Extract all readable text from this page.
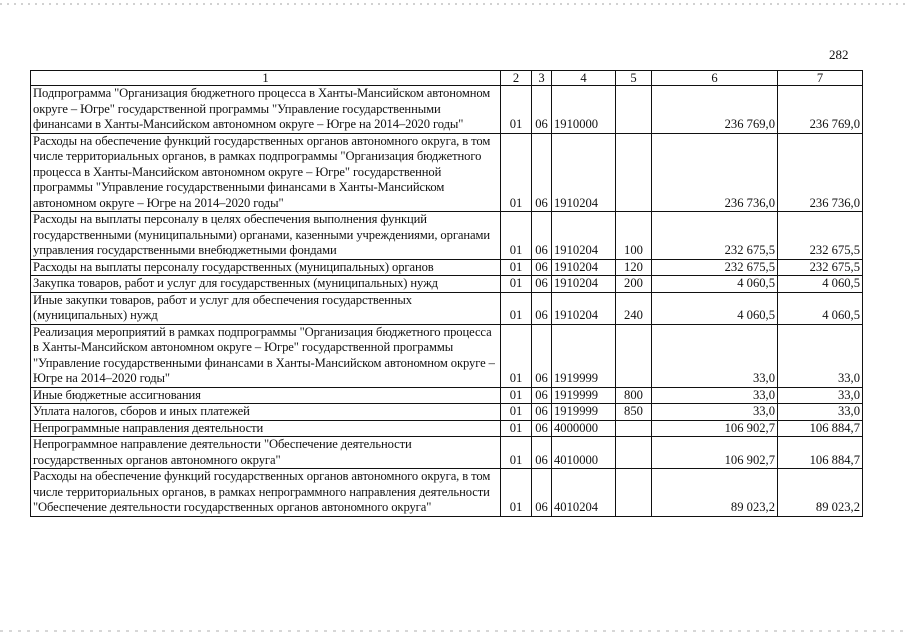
282
1	2	3	4	5	6	7
Подпрограмма "Организация бюджетного процесса в Ханты-Мансийском автономном округе – Югре" государственной программы "Управление государственными финансами в Ханты-Мансийском автономном округе – Югре на 2014–2020 годы"	01	06	1910000		236 769,0	236 769,0
Расходы на обеспечение функций государственных органов автономного округа, в том числе территориальных органов, в рамках подпрограммы "Организация бюджетного процесса в Ханты-Мансийском автономном округе – Югре" государственной программы "Управление государственными финансами в Ханты-Мансийском автономном округе – Югре на 2014–2020 годы"	01	06	1910204		236 736,0	236 736,0
Расходы на выплаты персоналу в целях обеспечения выполнения функций государственными (муниципальными) органами, казенными учреждениями, органами управления государственными внебюджетными фондами	01	06	1910204	100	232 675,5	232 675,5
Расходы на выплаты персоналу государственных (муниципальных) органов	01	06	1910204	120	232 675,5	232 675,5
Закупка товаров, работ и услуг для государственных (муниципальных) нужд	01	06	1910204	200	4 060,5	4 060,5
Иные закупки товаров, работ и услуг для обеспечения государственных (муниципальных) нужд	01	06	1910204	240	4 060,5	4 060,5
Реализация мероприятий в рамках подпрограммы "Организация бюджетного процесса в Ханты-Мансийском автономном округе – Югре" государственной программы "Управление государственными финансами в Ханты-Мансийском автономном округе – Югре на 2014–2020 годы"	01	06	1919999		33,0	33,0
Иные бюджетные ассигнования	01	06	1919999	800	33,0	33,0
Уплата налогов, сборов и иных платежей	01	06	1919999	850	33,0	33,0
Непрограммные направления деятельности	01	06	4000000		106 902,7	106 884,7
Непрограммное направление деятельности "Обеспечение деятельности государственных органов автономного округа"	01	06	4010000		106 902,7	106 884,7
Расходы на обеспечение функций государственных органов автономного округа, в том числе территориальных органов, в рамках непрограммного направления деятельности "Обеспечение деятельности государственных органов автономного округа"	01	06	4010204		89 023,2	89 023,2
